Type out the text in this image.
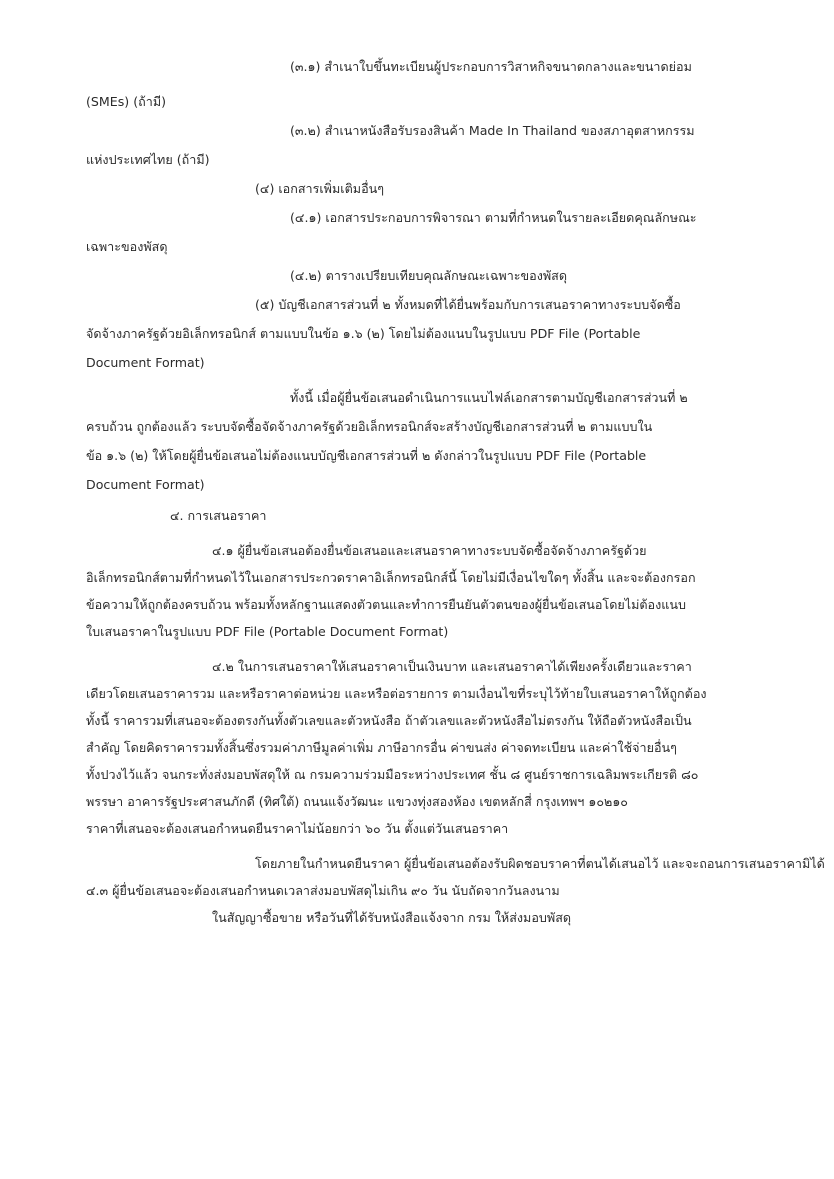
(๓.๑) สำเนาใบขึ้นทะเบียนผู้ประกอบการวิสาหกิจขนาดกลางและขนาดย่อม
(SMEs) (ถ้ามี)
(๓.๒) สำเนาหนังสือรับรองสินค้า Made In Thailand ของสภาอุตสาหกรรม
แห่งประเทศไทย (ถ้ามี)
(๔) เอกสารเพิ่มเติมอื่นๆ
(๔.๑) เอกสารประกอบการพิจารณา ตามที่กำหนดในรายละเอียดคุณลักษณะ
เฉพาะของพัสดุ
(๔.๒) ตารางเปรียบเทียบคุณลักษณะเฉพาะของพัสดุ
(๕) บัญชีเอกสารส่วนที่ ๒ ทั้งหมดที่ได้ยื่นพร้อมกับการเสนอราคาทางระบบจัดซื้อ
จัดจ้างภาครัฐด้วยอิเล็กทรอนิกส์ ตามแบบในข้อ ๑.๖ (๒) โดยไม่ต้องแนบในรูปแบบ PDF File (Portable
Document Format)
ทั้งนี้ เมื่อผู้ยื่นข้อเสนอดำเนินการแนบไฟล์เอกสารตามบัญชีเอกสารส่วนที่ ๒
ครบถ้วน ถูกต้องแล้ว ระบบจัดซื้อจัดจ้างภาครัฐด้วยอิเล็กทรอนิกส์จะสร้างบัญชีเอกสารส่วนที่ ๒ ตามแบบใน
ข้อ ๑.๖ (๒) ให้โดยผู้ยื่นข้อเสนอไม่ต้องแนบบัญชีเอกสารส่วนที่ ๒ ดังกล่าวในรูปแบบ PDF File (Portable
Document Format)
๔. การเสนอราคา
๔.๑ ผู้ยื่นข้อเสนอต้องยื่นข้อเสนอและเสนอราคาทางระบบจัดซื้อจัดจ้างภาครัฐด้วย
อิเล็กทรอนิกส์ตามที่กำหนดไว้ในเอกสารประกวดราคาอิเล็กทรอนิกส์นี้ โดยไม่มีเงื่อนไขใดๆ ทั้งสิ้น และจะต้องกรอก
ข้อความให้ถูกต้องครบถ้วน พร้อมทั้งหลักฐานแสดงตัวตนและทำการยืนยันตัวตนของผู้ยื่นข้อเสนอโดยไม่ต้องแนบ
ใบเสนอราคาในรูปแบบ PDF File (Portable Document Format)
๔.๒ ในการเสนอราคาให้เสนอราคาเป็นเงินบาท และเสนอราคาได้เพียงครั้งเดียวและราคา
เดียวโดยเสนอราคารวม และหรือราคาต่อหน่วย และหรือต่อรายการ ตามเงื่อนไขที่ระบุไว้ท้ายใบเสนอราคาให้ถูกต้อง
ทั้งนี้ ราคารวมที่เสนอจะต้องตรงกันทั้งตัวเลขและตัวหนังสือ ถ้าตัวเลขและตัวหนังสือไม่ตรงกัน ให้ถือตัวหนังสือเป็น
สำคัญ โดยคิดราคารวมทั้งสิ้นซึ่งรวมค่าภาษีมูลค่าเพิ่ม ภาษีอากรอื่น ค่าขนส่ง ค่าจดทะเบียน และค่าใช้จ่ายอื่นๆ
ทั้งปวงไว้แล้ว จนกระทั่งส่งมอบพัสดุให้ ณ กรมความร่วมมือระหว่างประเทศ ชั้น ๘ ศูนย์ราชการเฉลิมพระเกียรติ ๘๐
พรรษา อาคารรัฐประศาสนภักดี (ทิศใต้) ถนนแจ้งวัฒนะ แขวงทุ่งสองห้อง เขตหลักสี่ กรุงเทพฯ ๑๐๒๑๐
ราคาที่เสนอจะต้องเสนอกำหนดยืนราคาไม่น้อยกว่า ๖๐ วัน ตั้งแต่วันเสนอราคา
โดยภายในกำหนดยืนราคา ผู้ยื่นข้อเสนอต้องรับผิดชอบราคาที่ตนได้เสนอไว้ และจะถอนการเสนอราคามิได้
๔.๓ ผู้ยื่นข้อเสนอจะต้องเสนอกำหนดเวลาส่งมอบพัสดุไม่เกิน ๙๐ วัน นับถัดจากวันลงนาม
ในสัญญาซื้อขาย หรือวันที่ได้รับหนังสือแจ้งจาก กรม ให้ส่งมอบพัสดุ
